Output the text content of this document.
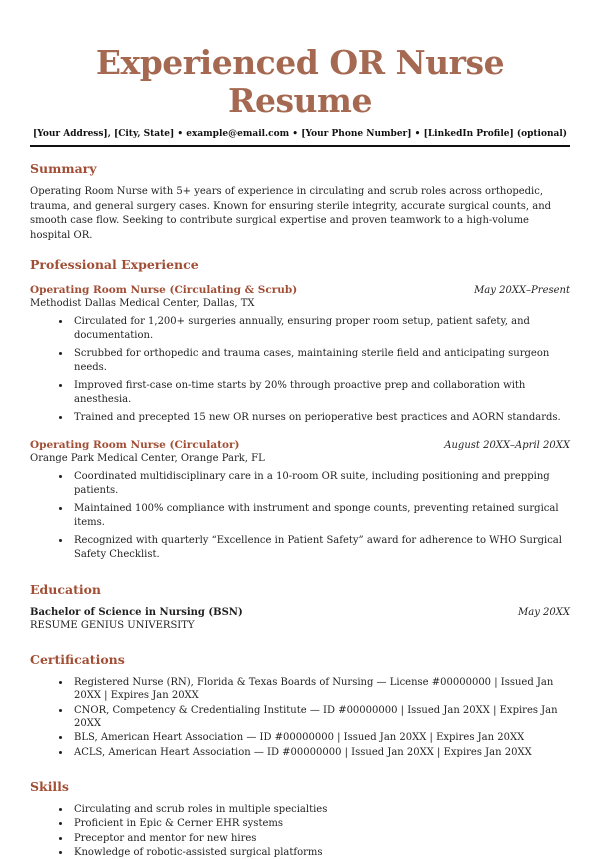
Experienced OR Nurse Resume
[Your Address], [City, State] • example@email.com • [Your Phone Number] • [LinkedIn Profile] (optional)
Summary
Operating Room Nurse with 5+ years of experience in circulating and scrub roles across orthopedic, trauma, and general surgery cases. Known for ensuring sterile integrity, accurate surgical counts, and smooth case flow. Seeking to contribute surgical expertise and proven teamwork to a high-volume hospital OR.
Professional Experience
Operating Room Nurse (Circulating & Scrub)	May 20XX–Present
Methodist Dallas Medical Center, Dallas, TX
• Circulated for 1,200+ surgeries annually, ensuring proper room setup, patient safety, and documentation.
• Scrubbed for orthopedic and trauma cases, maintaining sterile field and anticipating surgeon needs.
• Improved first-case on-time starts by 20% through proactive prep and collaboration with anesthesia.
• Trained and precepted 15 new OR nurses on perioperative best practices and AORN standards.
Operating Room Nurse (Circulator)	August 20XX–April 20XX
Orange Park Medical Center, Orange Park, FL
• Coordinated multidisciplinary care in a 10-room OR suite, including positioning and prepping patients.
• Maintained 100% compliance with instrument and sponge counts, preventing retained surgical items.
• Recognized with quarterly “Excellence in Patient Safety” award for adherence to WHO Surgical Safety Checklist.
Education
Bachelor of Science in Nursing (BSN)	May 20XX
RESUME GENIUS UNIVERSITY
Certifications
• Registered Nurse (RN), Florida & Texas Boards of Nursing — License #00000000 | Issued Jan 20XX | Expires Jan 20XX
• CNOR, Competency & Credentialing Institute — ID #00000000 | Issued Jan 20XX | Expires Jan 20XX
• BLS, American Heart Association — ID #00000000 | Issued Jan 20XX | Expires Jan 20XX
• ACLS, American Heart Association — ID #00000000 | Issued Jan 20XX | Expires Jan 20XX
Skills
• Circulating and scrub roles in multiple specialties
• Proficient in Epic & Cerner EHR systems
• Preceptor and mentor for new hires
• Knowledge of robotic-assisted surgical platforms
